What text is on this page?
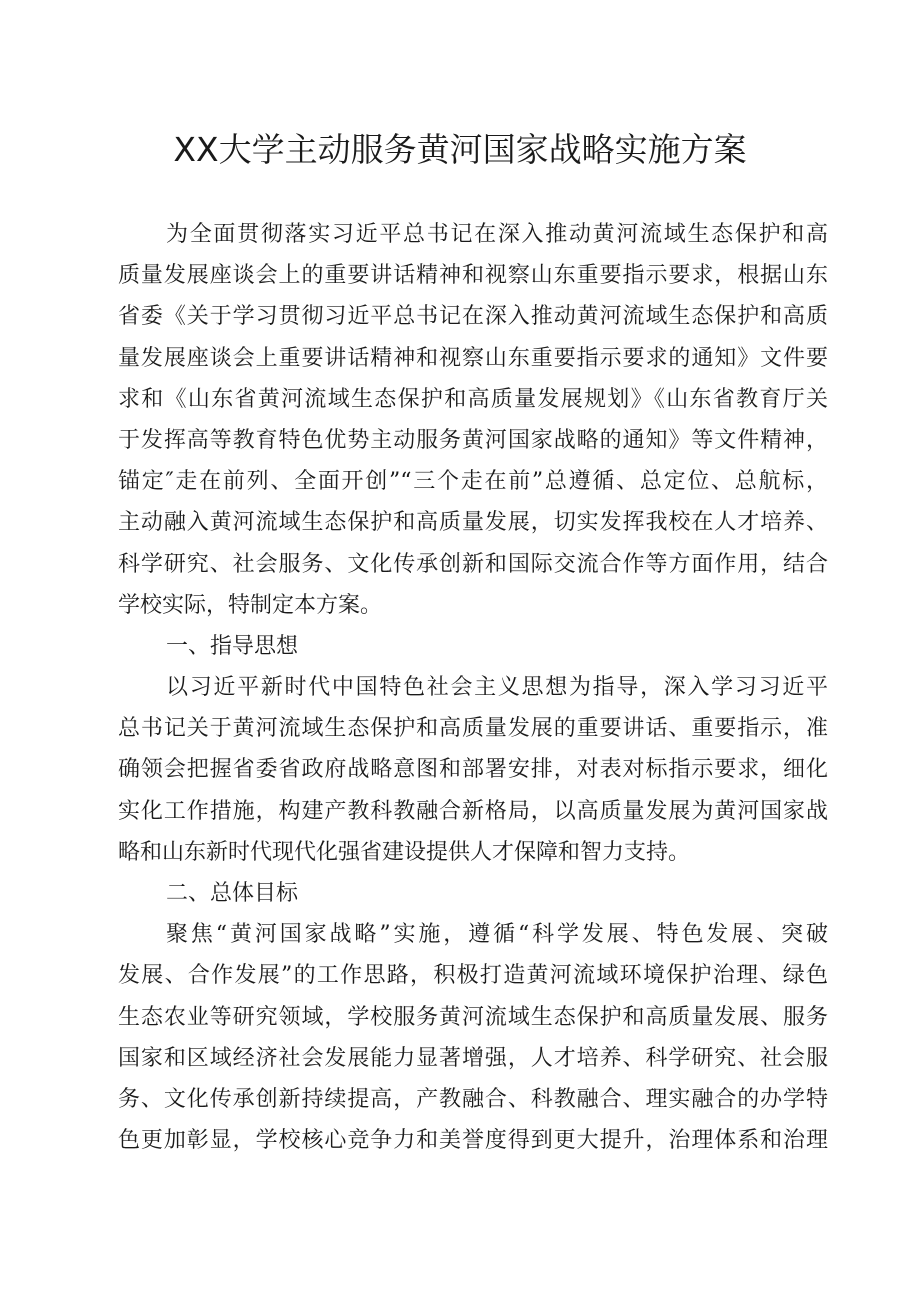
XX大学主动服务黄河国家战略实施方案
为全面贯彻落实习近平总书记在深入推动黄河流域生态保护和高
质量发展座谈会上的重要讲话精神和视察山东重要指示要求，根据山东
省委《关于学习贯彻习近平总书记在深入推动黄河流域生态保护和高质
量发展座谈会上重要讲话精神和视察山东重要指示要求的通知》文件要
求和《山东省黄河流域生态保护和高质量发展规划》《山东省教育厅关
于发挥高等教育特色优势主动服务黄河国家战略的通知》等文件精神，
锚定″走在前列、全面开创”“三个走在前”总遵循、总定位、总航标，
主动融入黄河流域生态保护和高质量发展，切实发挥我校在人才培养、
科学研究、社会服务、文化传承创新和国际交流合作等方面作用，结合
学校实际，特制定本方案。
一、指导思想
以习近平新时代中国特色社会主义思想为指导，深入学习习近平
总书记关于黄河流域生态保护和高质量发展的重要讲话、重要指示，准
确领会把握省委省政府战略意图和部署安排，对表对标指示要求，细化
实化工作措施，构建产教科教融合新格局，以高质量发展为黄河国家战
略和山东新时代现代化强省建设提供人才保障和智力支持。
二、总体目标
聚焦“黄河国家战略”实施，遵循“科学发展、特色发展、突破
发展、合作发展”的工作思路，积极打造黄河流域环境保护治理、绿色
生态农业等研究领域，学校服务黄河流域生态保护和高质量发展、服务
国家和区域经济社会发展能力显著增强，人才培养、科学研究、社会服
务、文化传承创新持续提高，产教融合、科教融合、理实融合的办学特
色更加彰显，学校核心竞争力和美誉度得到更大提升，治理体系和治理
